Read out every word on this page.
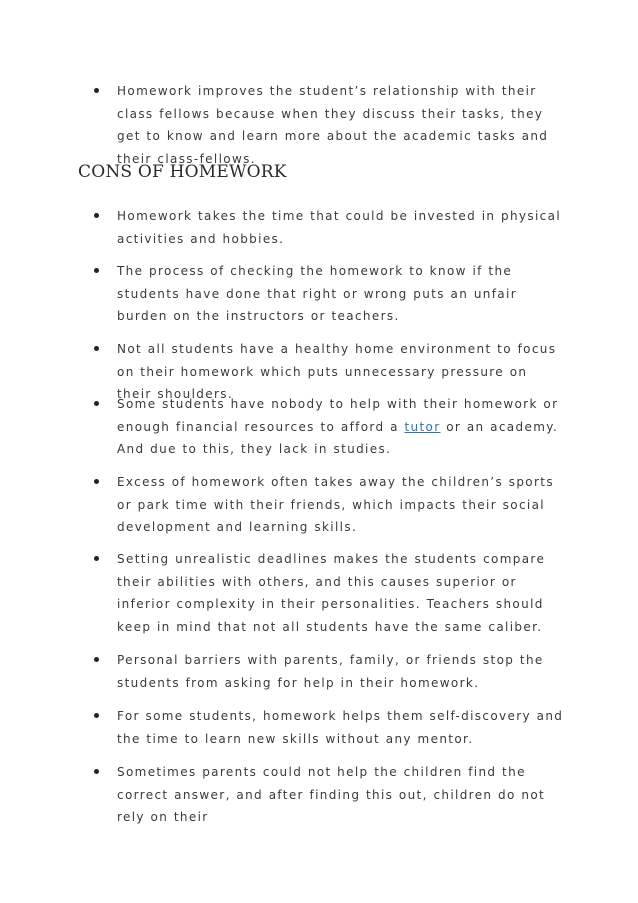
Homework improves the student’s relationship with their class fellows because when they discuss their tasks, they get to know and learn more about the academic tasks and their class-fellows.
CONS OF HOMEWORK
Homework takes the time that could be invested in physical activities and hobbies.
The process of checking the homework to know if the students have done that right or wrong puts an unfair burden on the instructors or teachers.
Not all students have a healthy home environment to focus on their homework which puts unnecessary pressure on their shoulders.
Some students have nobody to help with their homework or enough financial resources to afford a tutor or an academy. And due to this, they lack in studies.
Excess of homework often takes away the children’s sports or park time with their friends, which impacts their social development and learning skills.
Setting unrealistic deadlines makes the students compare their abilities with others, and this causes superior or inferior complexity in their personalities. Teachers should keep in mind that not all students have the same caliber.
Personal barriers with parents, family, or friends stop the students from asking for help in their homework.
For some students, homework helps them self-discovery and the time to learn new skills without any mentor.
Sometimes parents could not help the children find the correct answer, and after finding this out, children do not rely on their
